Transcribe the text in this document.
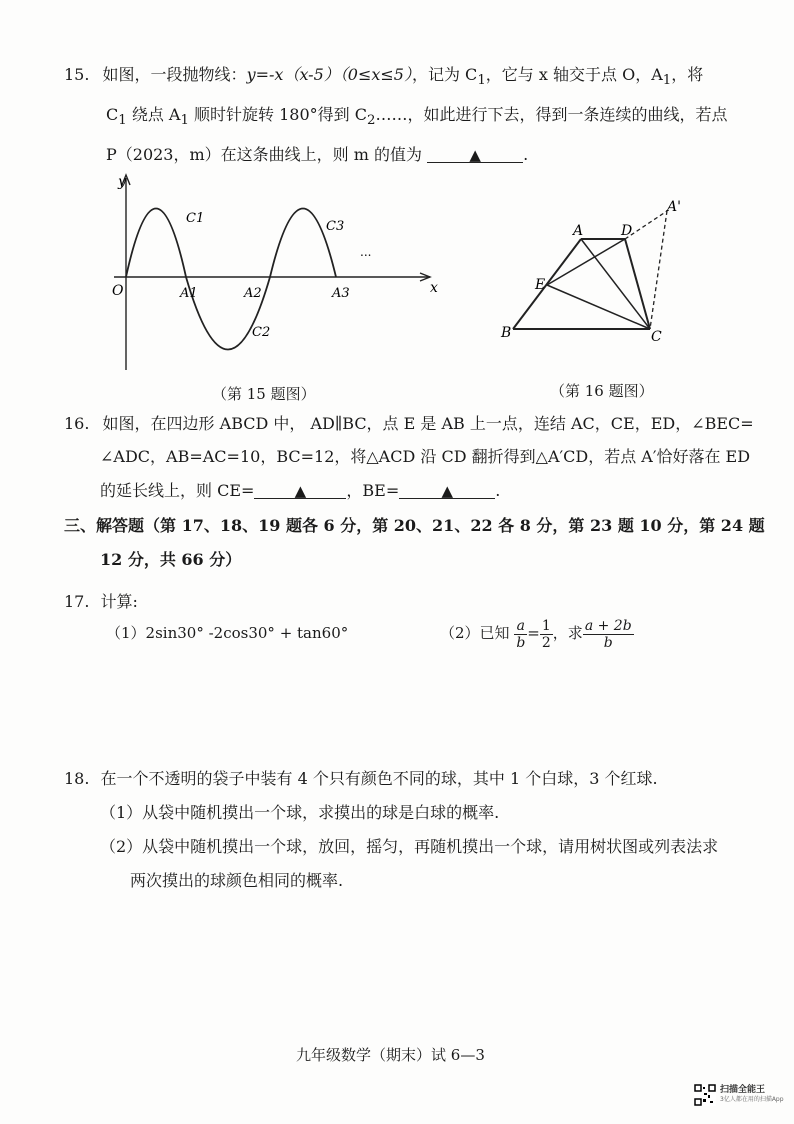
15. 如图，一段抛物线：y=-x（x-5）（0≤x≤5），记为 $C_1$，它与 x 轴交于点 O，$A_1$，将
$C_1$ 绕点 $A_1$ 顺时针旋转 180°得到 $C_2\dots\dots$，如此进行下去，得到一条连续的曲线，若点
P（2023，m）在这条曲线上，则 m 的值为	▲	.
y
x
O	A1	A2	A3
C1
C2
C3
...
（第 15 题图）
A	D
A'
E
B	C
（第 16 题图）
16. 如图，在四边形 ABCD 中， AD∥BC，点 E 是 AB 上一点，连结 AC，CE，ED，∠BEC=
∠ADC，AB=AC=10，BC=12，将△ACD 沿 CD 翻折得到△A′CD，若点 A′恰好落在 ED
的延长线上，则 CE=	▲	，BE=	▲	.
三、解答题（第 17、18、19 题各 6 分，第 20、21、22 各 8 分，第 23 题 10 分，第 24 题
12 分，共 66 分）
17. 计算:
（1）2sin30° -2cos30° + tan60°	（2）已知 $\frac{a}{b} = \frac{1}{2}$ ，求 $\frac{a + 2b}{b}$
18. 在一个不透明的袋子中装有 4 个只有颜色不同的球，其中 1 个白球，3 个红球.
（1）从袋中随机摸出一个球，求摸出的球是白球的概率.
（2）从袋中随机摸出一个球，放回，摇匀，再随机摸出一个球，请用树状图或列表法求
两次摸出的球颜色相同的概率.
九年级数学（期末）试 6—3
扫描全能王
3亿人都在用的扫描App
